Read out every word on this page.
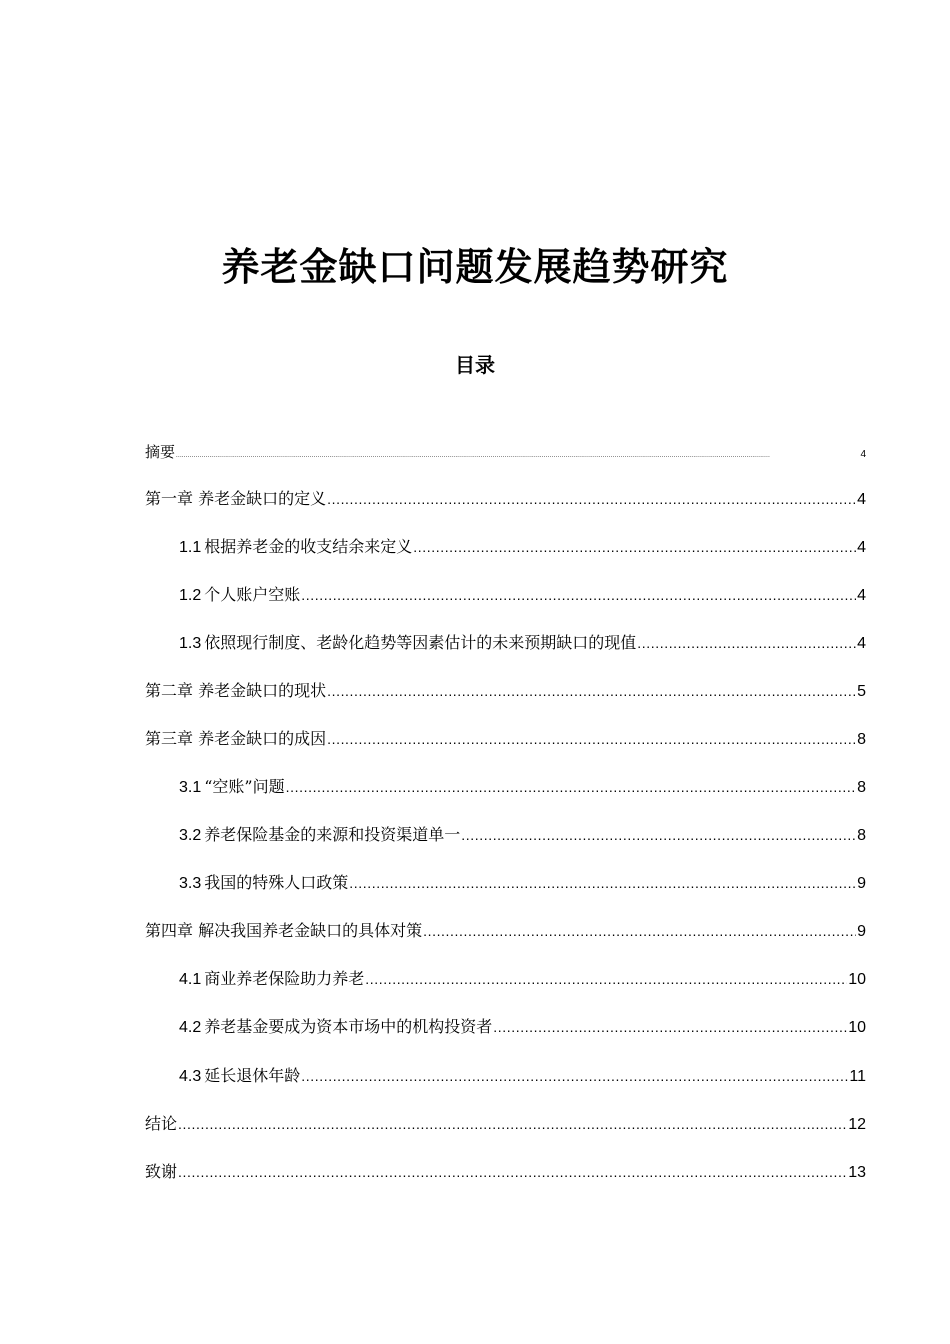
养老金缺口问题发展趋势研究
目录
摘要 .....	4
第一章 养老金缺口的定义 .....	4
1.1 根据养老金的收支结余来定义 .....	4
1.2 个人账户空账 .....	4
1.3 依照现行制度、老龄化趋势等因素估计的未来预期缺口的现值 .....	4
第二章 养老金缺口的现状 .....	5
第三章 养老金缺口的成因 .....	8
3.1 “空账”问题 .....	8
3.2 养老保险基金的来源和投资渠道单一 .....	8
3.3 我国的特殊人口政策 .....	9
第四章 解决我国养老金缺口的具体对策 .....	9
4.1 商业养老保险助力养老 .....	10
4.2 养老基金要成为资本市场中的机构投资者 .....	10
4.3 延长退休年龄 .....	11
结论 .....	12
致谢 .....	13
